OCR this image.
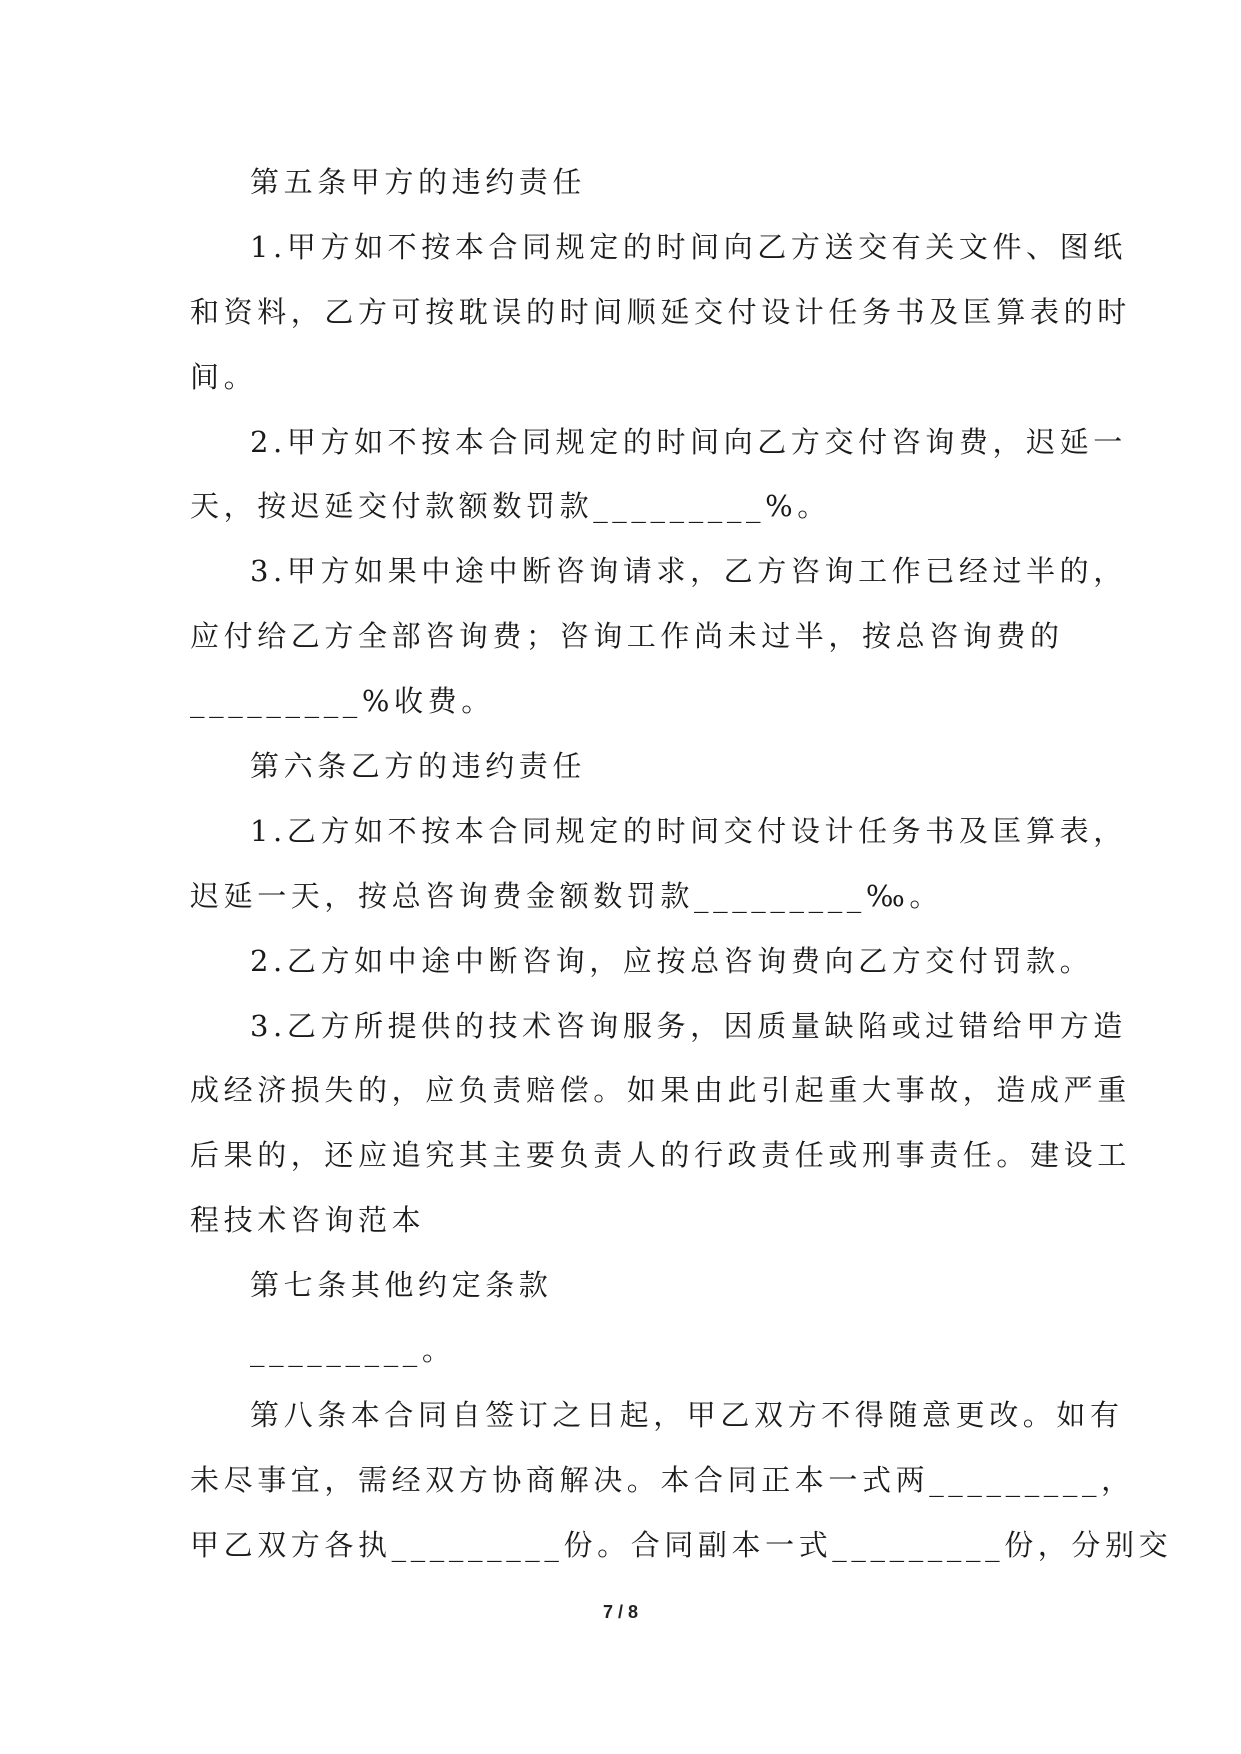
第五条甲方的违约责任
1.甲方如不按本合同规定的时间向乙方送交有关文件、图纸
和资料，乙方可按耽误的时间顺延交付设计任务书及匡算表的时
间。
2.甲方如不按本合同规定的时间向乙方交付咨询费，迟延一
天，按迟延交付款额数罚款_________%。
3.甲方如果中途中断咨询请求，乙方咨询工作已经过半的，
应付给乙方全部咨询费；咨询工作尚未过半，按总咨询费的
_________%收费。
第六条乙方的违约责任
1.乙方如不按本合同规定的时间交付设计任务书及匡算表，
迟延一天，按总咨询费金额数罚款_________‰。
2.乙方如中途中断咨询，应按总咨询费向乙方交付罚款。
3.乙方所提供的技术咨询服务，因质量缺陷或过错给甲方造
成经济损失的，应负责赔偿。如果由此引起重大事故，造成严重
后果的，还应追究其主要负责人的行政责任或刑事责任。建设工
程技术咨询范本
第七条其他约定条款
_________。
第八条本合同自签订之日起，甲乙双方不得随意更改。如有
未尽事宜，需经双方协商解决。本合同正本一式两_________，
甲乙双方各执_________份。合同副本一式_________份，分别交
7 / 8
